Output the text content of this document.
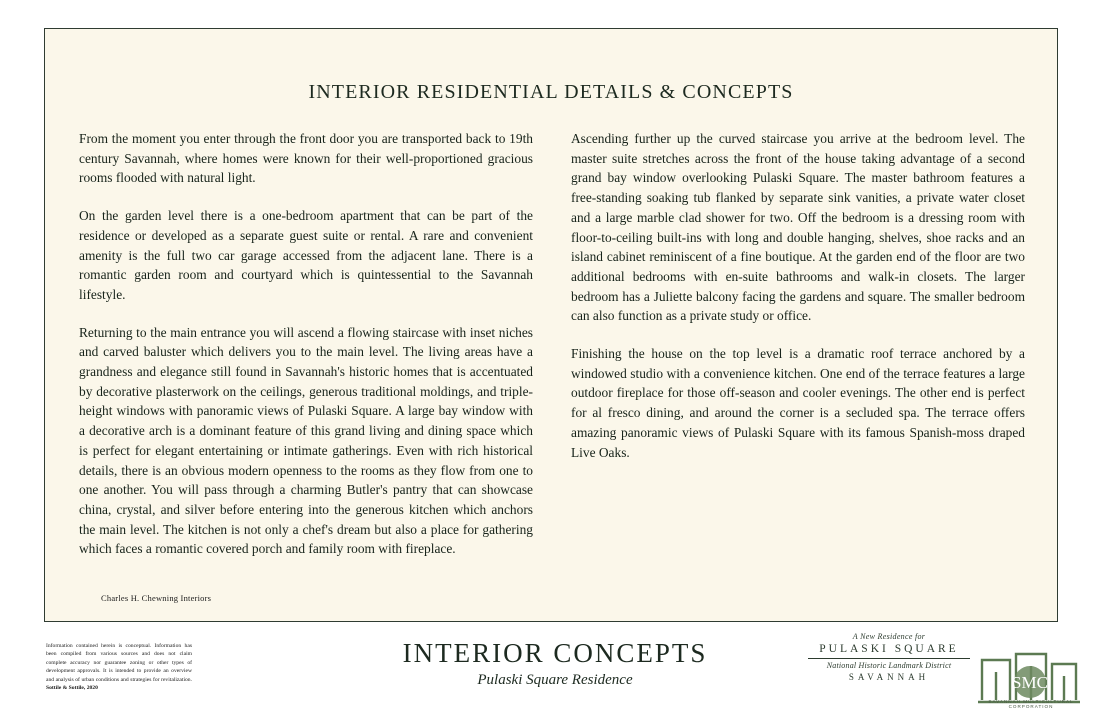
INTERIOR RESIDENTIAL DETAILS & CONCEPTS

From the moment you enter through the front door you are transported back to 19th century Savannah, where homes were known for their well-proportioned gracious rooms flooded with natural light.

On the garden level there is a one-bedroom apartment that can be part of the residence or developed as a separate guest suite or rental. A rare and convenient amenity is the full two car garage accessed from the adjacent lane. There is a romantic garden room and courtyard which is quintessential to the Savannah lifestyle.

Returning to the main entrance you will ascend a flowing staircase with inset niches and carved baluster which delivers you to the main level. The living areas have a grandness and elegance still found in Savannah's historic homes that is accentuated by decorative plasterwork on the ceilings, generous traditional moldings, and triple-height windows with panoramic views of Pulaski Square. A large bay window with a decorative arch is a dominant feature of this grand living and dining space which is perfect for elegant entertaining or intimate gatherings. Even with rich historical details, there is an obvious modern openness to the rooms as they flow from one to one another. You will pass through a charming Butler's pantry that can showcase china, crystal, and silver before entering into the generous kitchen which anchors the main level. The kitchen is not only a chef's dream but also a place for gathering which faces a romantic covered porch and family room with fireplace.

Ascending further up the curved staircase you arrive at the bedroom level. The master suite stretches across the front of the house taking advantage of a second grand bay window overlooking Pulaski Square. The master bathroom features a free-standing soaking tub flanked by separate sink vanities, a private water closet and a large marble clad shower for two. Off the bedroom is a dressing room with floor-to-ceiling built-ins with long and double hanging, shelves, shoe racks and an island cabinet reminiscent of a fine boutique. At the garden end of the floor are two additional bedrooms with en-suite bathrooms and walk-in closets. The larger bedroom has a Juliette balcony facing the gardens and square. The smaller bedroom can also function as a private study or office.

Finishing the house on the top level is a dramatic roof terrace anchored by a windowed studio with a convenience kitchen. One end of the terrace features a large outdoor fireplace for those off-season and cooler evenings. The other end is perfect for al fresco dining, and around the corner is a secluded spa. The terrace offers amazing panoramic views of Pulaski Square with its famous Spanish-moss draped Live Oaks.

Charles H. Chewning Interiors
Information contained herein is conceptual. Information has been compiled from various sources and does not claim complete accuracy nor guarantee zoning or other types of development approvals. It is intended to provide an overview and analysis of urban conditions and strategies for revitalization. Sottile & Sottile, 2020
INTERIOR CONCEPTS
Pulaski Square Residence
A New Residence for
PULASKI SQUARE
National Historic Landmark District
SAVANNAH	SMC
SAVANNAH MULTICULTURAL CORPORATION
